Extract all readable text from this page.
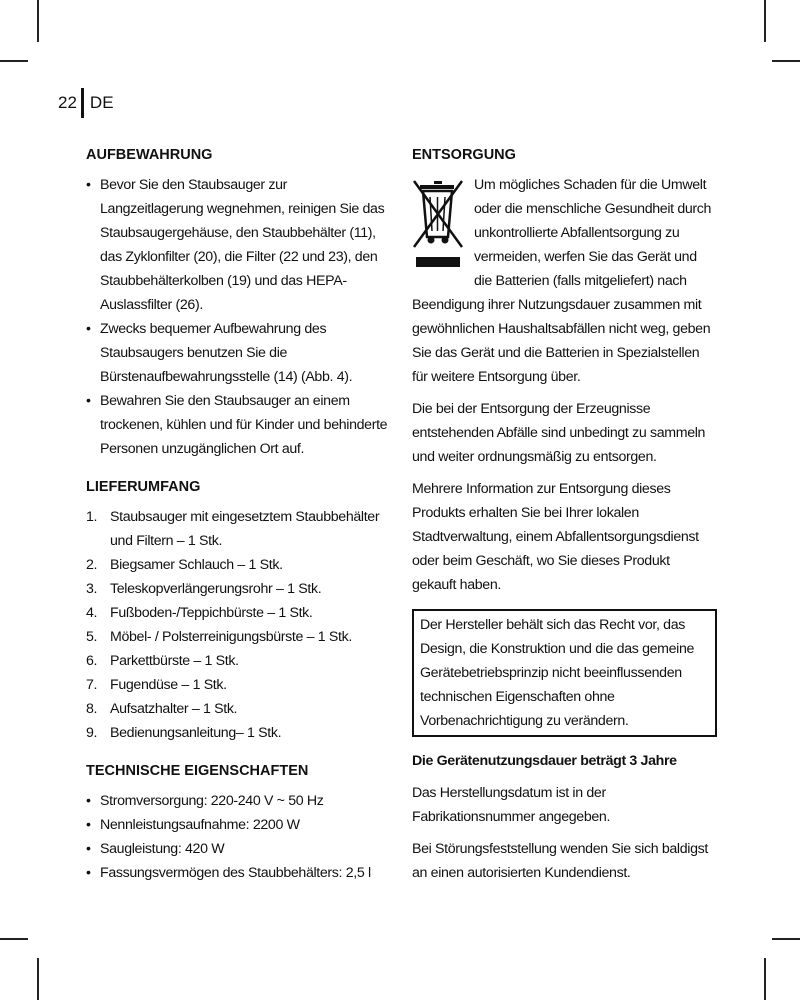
22 DE
AUFBEWAHRUNG
• Bevor Sie den Staubsauger zur Langzeitlagerung wegnehmen, reinigen Sie das Staubsaugergehäuse, den Staubbehälter (11), das Zyklonfilter (20), die Filter (22 und 23), den Staubbehälterkolben (19) und das HEPA-Auslassfilter (26).
• Zwecks bequemer Aufbewahrung des Staubsaugers benutzen Sie die Bürstenaufbewahrungsstelle (14) (Abb. 4).
• Bewahren Sie den Staubsauger an einem trockenen, kühlen und für Kinder und behinderte Personen unzugänglichen Ort auf.
LIEFERUMFANG
1. Staubsauger mit eingesetztem Staubbehälter und Filtern – 1 Stk.
2. Biegsamer Schlauch – 1 Stk.
3. Teleskopverlängerungsrohr – 1 Stk.
4. Fußboden-/Teppichbürste – 1 Stk.
5. Möbel- / Polsterreinigungsbürste – 1 Stk.
6. Parkettbürste – 1 Stk.
7. Fugendüse – 1 Stk.
8. Aufsatzhalter – 1 Stk.
9. Bedienungsanleitung– 1 Stk.
TECHNISCHE EIGENSCHAFTEN
• Stromversorgung: 220-240 V ~ 50 Hz
• Nennleistungsaufnahme: 2200 W
• Saugleistung: 420 W
• Fassungsvermögen des Staubbehälters: 2,5 l
ENTSORGUNG

Um mögliches Schaden für die Umwelt oder die menschliche Gesundheit durch unkontrollierte Abfallentsorgung zu vermeiden, werfen Sie das Gerät und die Batterien (falls mitgeliefert) nach Beendigung ihrer Nutzungsdauer zusammen mit gewöhnlichen Haushaltsabfällen nicht weg, geben Sie das Gerät und die Batterien in Spezialstellen für weitere Entsorgung über.

Die bei der Entsorgung der Erzeugnisse entstehenden Abfälle sind unbedingt zu sammeln und weiter ordnungsmäßig zu entsorgen.

Mehrere Information zur Entsorgung dieses Produkts erhalten Sie bei Ihrer lokalen Stadtverwaltung, einem Abfallentsorgungsdienst oder beim Geschäft, wo Sie dieses Produkt gekauft haben.

Der Hersteller behält sich das Recht vor, das Design, die Konstruktion und die das gemeine Gerätebetriebsprinzip nicht beeinflussenden technischen Eigenschaften ohne Vorbenachrichtigung zu verändern.

Die Gerätenutzungsdauer beträgt 3 Jahre

Das Herstellungsdatum ist in der Fabrikationsnummer angegeben.

Bei Störungsfeststellung wenden Sie sich baldigst an einen autorisierten Kundendienst.
